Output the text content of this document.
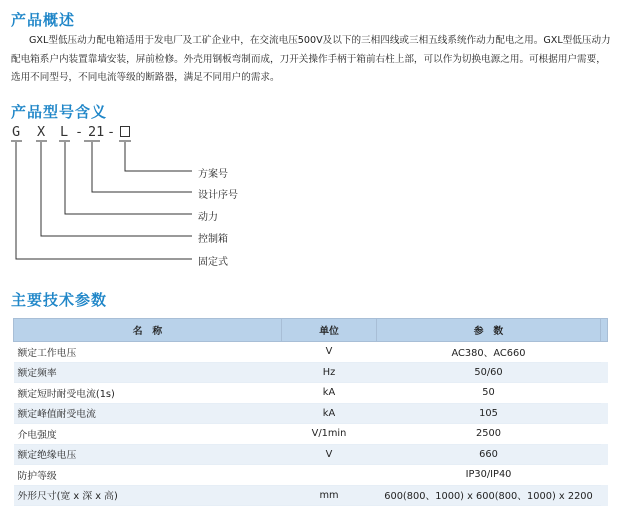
产品概述

GXL型低压动力配电箱适用于发电厂及工矿企业中，在交流电压500V及以下的三相四线或三相五线系统作动力配电之用。GXL型低压动力配电箱系户内装置靠墙安装，屏前检修。外壳用钢板弯制而成，刀开关操作手柄于箱前右柱上部，可以作为切换电源之用。可根据用户需要，选用不同型号，不同电流等级的断路器，满足不同用户的需求。

产品型号含义
G X L - 21 -
方案号
设计序号
动力
控制箱
固定式
主要技术参数
名　称	单位	参　数	
额定工作电压	V	AC380、AC660	
额定频率	Hz	50/60	
额定短时耐受电流(1s)	kA	50	
额定峰值耐受电流	kA	105	
介电强度	V/1min	2500	
额定绝缘电压	V	660	
防护等级		IP30/IP40	
外形尺寸(宽 x 深 x 高)	mm	600(800、1000) x 600(800、1000) x 2200	
